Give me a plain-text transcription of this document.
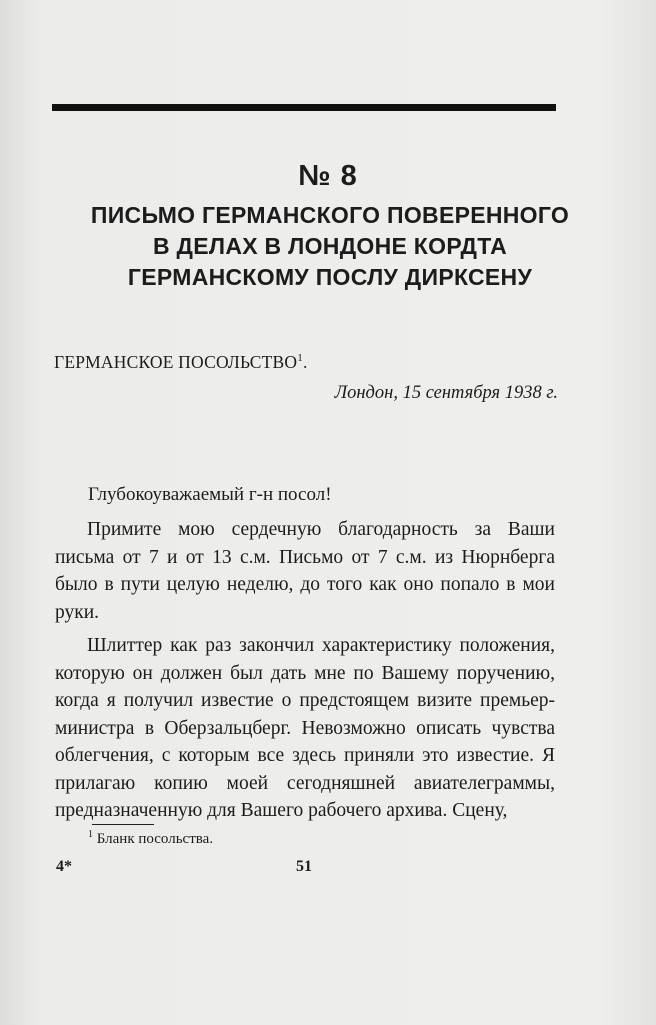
№ 8
ПИСЬМО ГЕРМАНСКОГО ПОВЕРЕННОГО
В ДЕЛАХ В ЛОНДОНЕ КОРДТА
ГЕРМАНСКОМУ ПОСЛУ ДИРКСЕНУ
ГЕРМАНСКОЕ ПОСОЛЬСТВО$^1$.
Лондон, 15 сентября 1938 г.
Глубокоуважаемый г-н посол!

Примите мою сердечную благодарность за Ваши письма от 7 и от 13 с.м. Письмо от 7 с.м. из Нюрнберга было в пути целую неделю, до того как оно попало в мои руки.

Шлиттер как раз закончил характеристику положения, которую он должен был дать мне по Вашему поручению, когда я получил известие о предстоящем визите премьер-министра в Оберзальцберг. Невозможно описать чувства облегчения, с которым все здесь приняли это известие. Я прилагаю копию моей сегодняшней авиателеграммы, предназначенную для Вашего рабочего архива. Сцену,

$^1$ Бланк посольства.
4*	51
